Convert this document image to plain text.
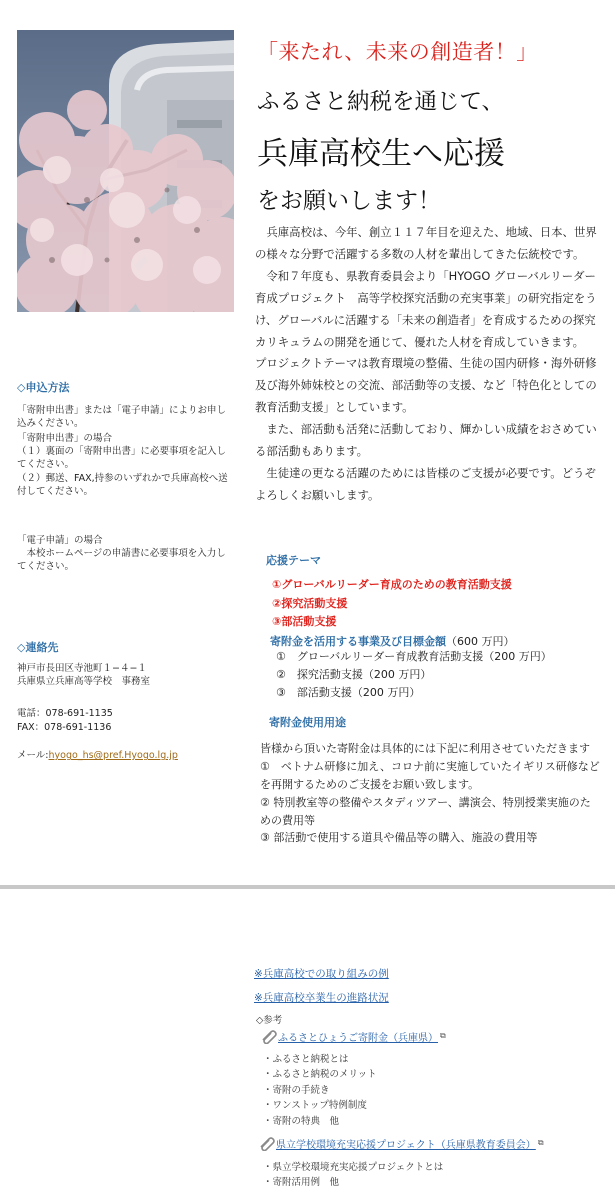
◇申込方法
「寄附申出書」または「電子申請」によりお申し込みください。
「寄附申出書」の場合
（１）裏面の「寄附申出書」に必要事項を記入してください。
（２）郵送、FAX,持参のいずれかで兵庫高校へ送付してください。
「電子申請」の場合
　本校ホームページの申請書に必要事項を入力してください。
◇連絡先
神戸市長田区寺池町１−４−１
兵庫県立兵庫高等学校　事務室
電話：078-691-1135
FAX：078-691-1136

メール:hyogo_hs@pref.Hyogo.lg.jp

「来たれ、未来の創造者！」
ふるさと納税を通じて、
兵庫高校生へ応援
をお願いします！

　兵庫高校は、今年、創立１１７年目を迎えた、地域、日本、世界の様々な分野で活躍する多数の人材を輩出してきた伝統校です。

　令和７年度も、県教育委員会より「HYOGO グローバルリーダー育成プロジェクト　高等学校探究活動の充実事業」の研究指定をうけ、グローバルに活躍する「未来の創造者」を育成するための探究カリキュラムの開発を通じて、優れた人材を育成していきます。

プロジェクトテーマは教育環境の整備、生徒の国内研修・海外研修及び海外姉妹校との交流、部活動等の支援、など「特色化としての教育活動支援」としています。

　また、部活動も活発に活動しており、輝かしい成績をおさめている部活動もあります。

　生徒達の更なる活躍のためには皆様のご支援が必要です。どうぞよろしくお願いします。

応援テーマ
①グローバルリーダー育成のための教育活動支援
②探究活動支援
③部活動支援
寄附金を活用する事業及び目標金額（600 万円）
①　グローバルリーダー育成教育活動支援（200 万円）
②　探究活動支援（200 万円）
③　部活動支援（200 万円）
寄附金使用用途
皆様から頂いた寄附金は具体的には下記に利用させていただきます
①　ベトナム研修に加え、コロナ前に実施していたイギリス研修などを再開するためのご支援をお願い致します。
② 特別教室等の整備やスタディツアー、講演会、特別授業実施のための費用等
③ 部活動で使用する道具や備品等の購入、施設の費用等
※兵庫高校での取り組みの例
※兵庫高校卒業生の進路状況
◇参考
ふるさとひょうご寄附金（兵庫県） ⧉
・ふるさと納税とは
・ふるさと納税のメリット
・寄附の手続き
・ワンストップ特例制度
・寄附の特典　他
県立学校環境充実応援プロジェクト（兵庫県教育委員会） ⧉
・県立学校環境充実応援プロジェクトとは
・寄附活用例　他
